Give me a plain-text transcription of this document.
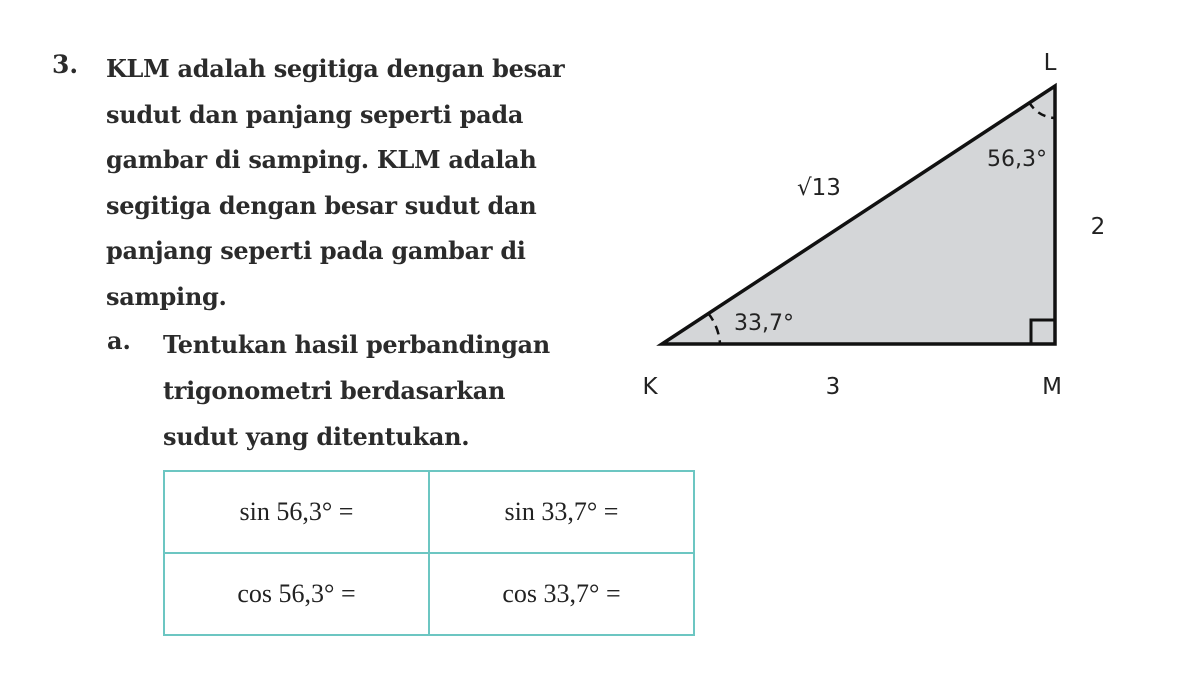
3. KLM adalah segitiga dengan besar
sudut dan panjang seperti pada
gambar di samping. KLM adalah
segitiga dengan besar sudut dan
panjang seperti pada gambar di
samping.
a. Tentukan hasil perbandingan
trigonometri berdasarkan
sudut yang ditentukan.
sin 56,3° =	sin 33,7° =
cos 56,3° =	cos 33,7° =
L
K	M
√13
2
3
56,3°
33,7°
